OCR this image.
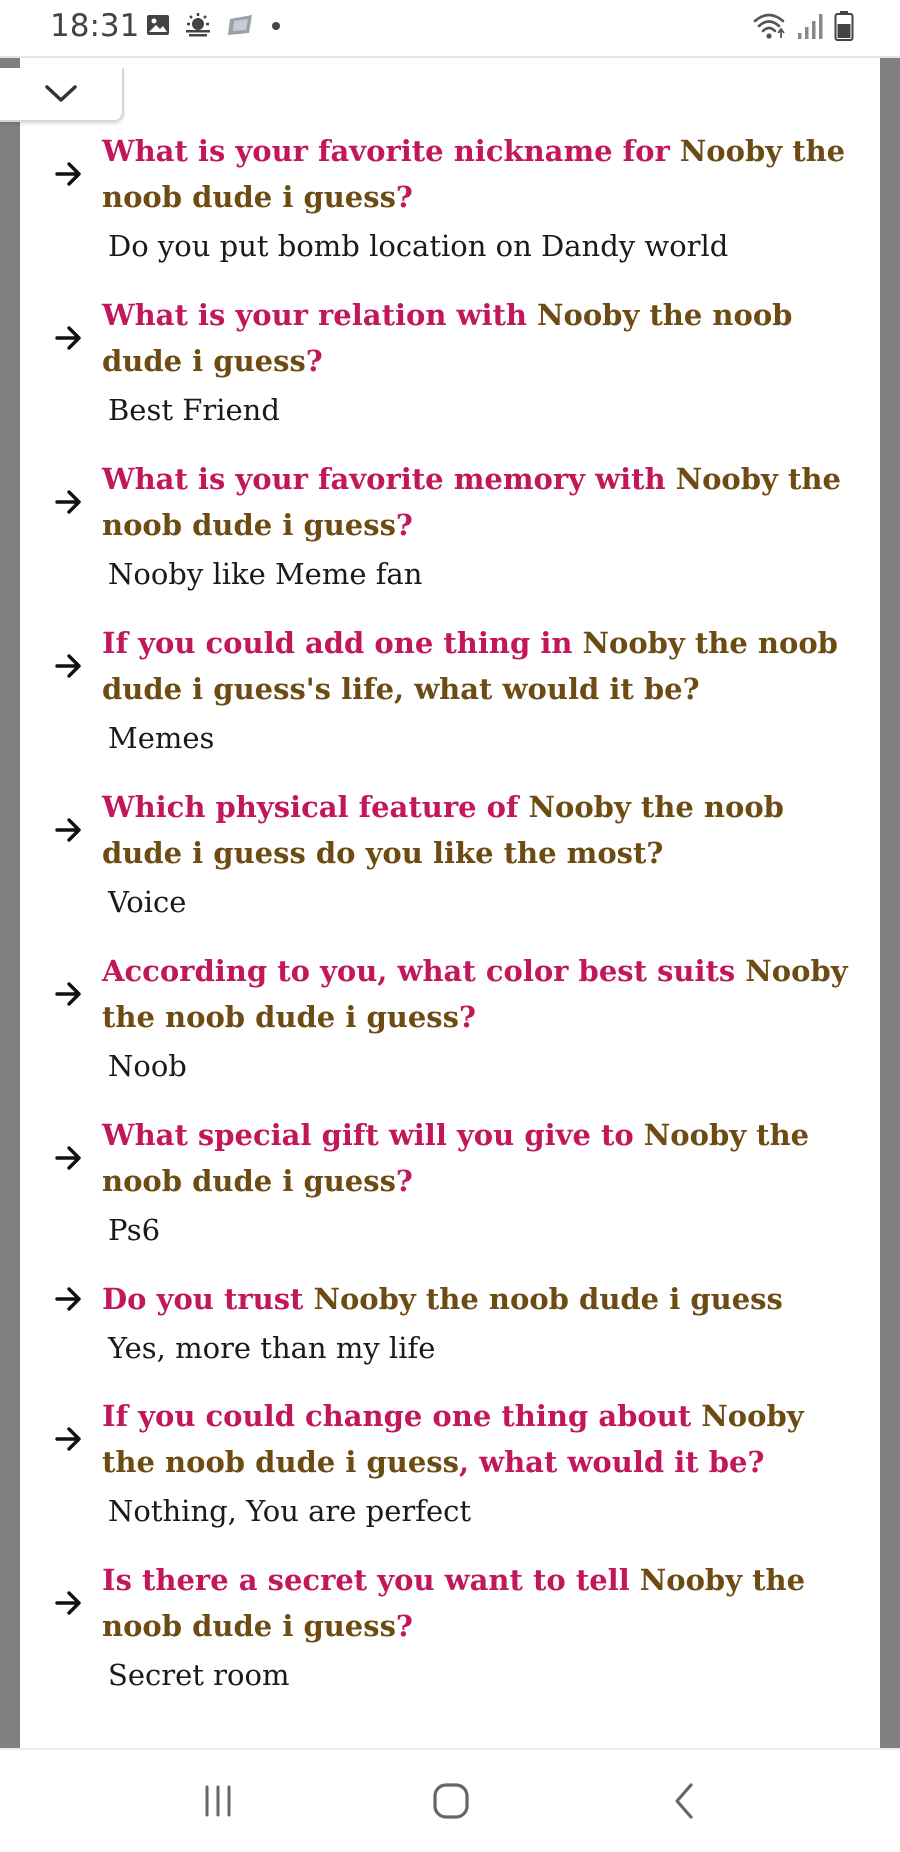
18:31

What is your favorite nickname for Nooby the noob dude i guess?

Do you put bomb location on Dandy world

What is your relation with Nooby the noob dude i guess?

Best Friend

What is your favorite memory with Nooby the noob dude i guess?

Nooby like Meme fan

If you could add one thing in Nooby the noob dude i guess's life, what would it be?

Memes

Which physical feature of Nooby the noob dude i guess do you like the most?

Voice

According to you, what color best suits Nooby the noob dude i guess?

Noob

What special gift will you give to Nooby the noob dude i guess?

Ps6

Do you trust Nooby the noob dude i guess

Yes, more than my life

If you could change one thing about Nooby the noob dude i guess, what would it be?

Nothing, You are perfect

Is there a secret you want to tell Nooby the noob dude i guess?

Secret room
